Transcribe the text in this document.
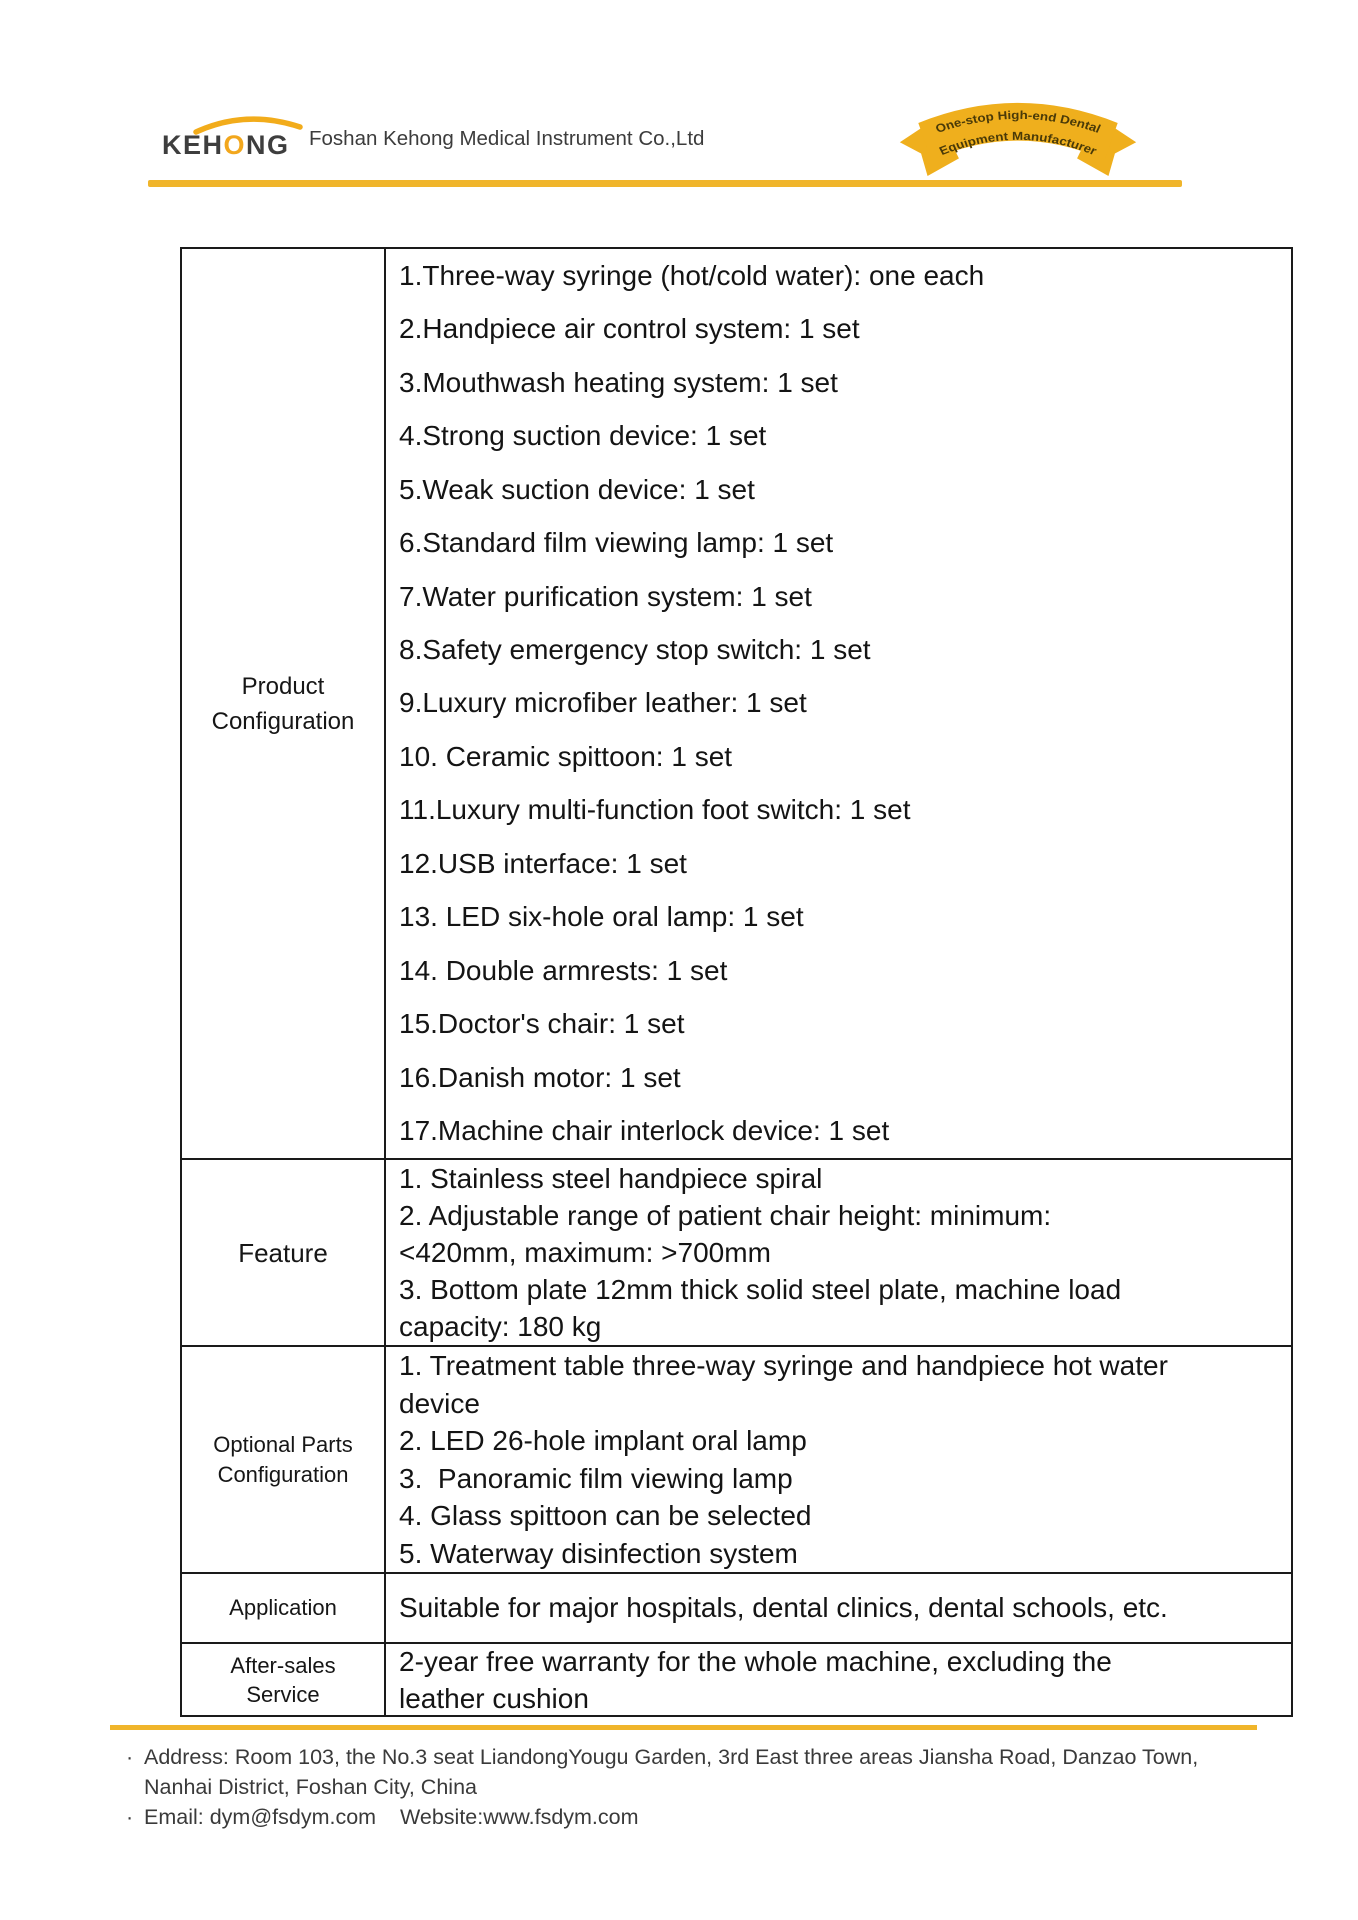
KEHONG Foshan Kehong Medical Instrument Co.,Ltd	One-stop High-end Dental
Equipment Manufacturer
Product
Configuration
1.Three-way syringe (hot/cold water): one each
2.Handpiece air control system: 1 set
3.Mouthwash heating system: 1 set
4.Strong suction device: 1 set
5.Weak suction device: 1 set
6.Standard film viewing lamp: 1 set
7.Water purification system: 1 set
8.Safety emergency stop switch: 1 set
9.Luxury microfiber leather: 1 set
10. Ceramic spittoon: 1 set
11.Luxury multi-function foot switch: 1 set
12.USB interface: 1 set
13. LED six-hole oral lamp: 1 set
14. Double armrests: 1 set
15.Doctor's chair: 1 set
16.Danish motor: 1 set
17.Machine chair interlock device: 1 set
Feature
1. Stainless steel handpiece spiral
2. Adjustable range of patient chair height: minimum:
<420mm, maximum: >700mm
3. Bottom plate 12mm thick solid steel plate, machine load
capacity: 180 kg
Optional Parts
Configuration
1. Treatment table three-way syringe and handpiece hot water
device
2. LED 26-hole implant oral lamp
3.  Panoramic film viewing lamp
4. Glass spittoon can be selected
5. Waterway disinfection system
Application Suitable for major hospitals, dental clinics, dental schools, etc.
After-sales
Service
2-year free warranty for the whole machine, excluding the
leather cushion
· Address: Room 103, the No.3 seat LiandongYougu Garden, 3rd East three areas Jiansha Road, Danzao Town,
Nanhai District, Foshan City, China
· Email: dym@fsdym.com    Website:www.fsdym.com
